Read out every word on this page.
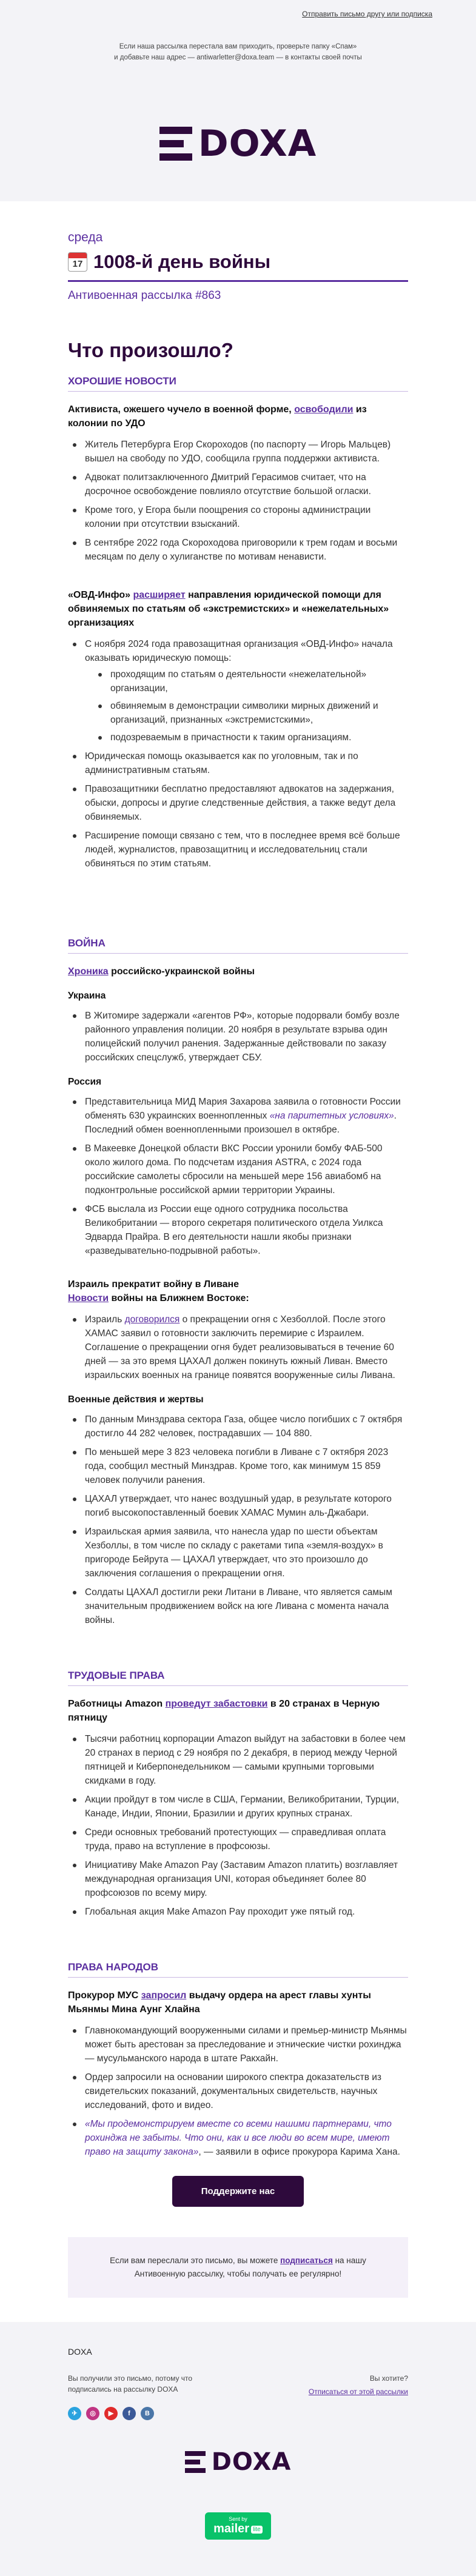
Отправить письмо другу или подписка

Если наша рассылка перестала вам приходить, проверьте папку «Спам»

и добавьте наш адрес — antiwarletter@doxa.team — в контакты своей почты

DOXA
среда
17 1008-й день войны
Антивоенная рассылка #863
Что произошло?
ХОРОШИЕ НОВОСТИ
Активиста, ожешего чучело в военной форме, освободили из колонии по УДО
Житель Петербурга Егор Скороходов (по паспорту — Игорь Мальцев) вышел на свободу по УДО, сообщила группа поддержки активиста.
Адвокат политзаключенного Дмитрий Герасимов считает, что на досрочное освобождение повлияло отсутствие большой огласки.
Кроме того, у Егора были поощрения со стороны администрации колонии при отсутствии взысканий.
В сентябре 2022 года Скороходова приговорили к трем годам и восьми месяцам по делу о хулиганстве по мотивам ненависти.
«ОВД-Инфо» расширяет направления юридической помощи для обвиняемых по статьям об «экстремистских» и «нежелательных» организациях
С ноября 2024 года правозащитная организация «ОВД-Инфо» начала оказывать юридическую помощь:
проходящим по статьям о деятельности «нежелательной» организации,
обвиняемым в демонстрации символики мирных движений и организаций, признанных «экстремистскими»,
подозреваемым в причастности к таким организациям.
Юридическая помощь оказывается как по уголовным, так и по административным статьям.
Правозащитники бесплатно предоставляют адвокатов на задержания, обыски, допросы и другие следственные действия, а также ведут дела обвиняемых.
Расширение помощи связано с тем, что в последнее время всё больше людей, журналистов, правозащитниц и исследовательниц стали обвиняться по этим статьям.
ВОЙНА
Хроника российско-украинской войны
Украина
В Житомире задержали «агентов РФ», которые подорвали бомбу возле районного управления полиции. 20 ноября в результате взрыва один полицейский получил ранения. Задержанные действовали по заказу российских спецслужб, утверждает СБУ.
Россия
Представительница МИД Мария Захарова заявила о готовности России обменять 630 украинских военнопленных «на паритетных условиях». Последний обмен военнопленными произошел в октябре.
В Макеевке Донецкой области ВКС России уронили бомбу ФАБ-500 около жилого дома. По подсчетам издания ASTRA, с 2024 года российские самолеты сбросили на меньшей мере 156 авиабомб на подконтрольные российской армии территории Украины.
ФСБ выслала из России еще одного сотрудника посольства Великобритании — второго секретаря политического отдела Уилкса Эдварда Прайра. В его деятельности нашли якобы признаки «разведывательно-подрывной работы».
Израиль прекратит войну в Ливане
Новости войны на Ближнем Востоке:
Израиль договорился о прекращении огня с Хезболлой. После этого ХАМАС заявил о готовности заключить перемирие с Израилем. Соглашение о прекращении огня будет реализовываться в течение 60 дней — за это время ЦАХАЛ должен покинуть южный Ливан. Вместо израильских военных на границе появятся вооруженные силы Ливана.
Военные действия и жертвы
По данным Минздрава сектора Газа, общее число погибших с 7 октября достигло 44 282 человек, пострадавших — 104 880.
По меньшей мере 3 823 человека погибли в Ливане с 7 октября 2023 года, сообщил местный Минздрав. Кроме того, как минимум 15 859 человек получили ранения.
ЦАХАЛ утверждает, что нанес воздушный удар, в результате которого погиб высокопоставленный боевик ХАМАС Мумин аль-Джабари.
Израильская армия заявила, что нанесла удар по шести объектам Хезболлы, в том числе по складу с ракетами типа «земля-воздух» в пригороде Бейрута — ЦАХАЛ утверждает, что это произошло до заключения соглашения о прекращении огня.
Солдаты ЦАХАЛ достигли реки Литани в Ливане, что является самым значительным продвижением войск на юге Ливана с момента начала войны.
ТРУДОВЫЕ ПРАВА
Работницы Amazon проведут забастовки в 20 странах в Черную пятницу
Тысячи работниц корпорации Amazon выйдут на забастовки в более чем 20 странах в период с 29 ноября по 2 декабря, в период между Черной пятницей и Киберпонедельником — самыми крупными торговыми скидками в году.
Акции пройдут в том числе в США, Германии, Великобритании, Турции, Канаде, Индии, Японии, Бразилии и других крупных странах.
Среди основных требований протестующих — справедливая оплата труда, право на вступление в профсоюзы.
Инициативу Make Amazon Pay (Заставим Amazon платить) возглавляет международная организация UNI, которая объединяет более 80 профсоюзов по всему миру.
Глобальная акция Make Amazon Pay проходит уже пятый год.
ПРАВА НАРОДОВ
Прокурор МУС запросил выдачу ордера на арест главы хунты Мьянмы Мина Аунг Хлайна
Главнокомандующий вооруженными силами и премьер-министр Мьянмы может быть арестован за преследование и этнические чистки рохинджа — мусульманского народа в штате Ракхайн.
Ордер запросили на основании широкого спектра доказательств из свидетельских показаний, документальных свидетельств, научных исследований, фото и видео.
«Мы продемонстрируем вместе со всеми нашими партнерами, что рохинджа не забыты. Что они, как и все люди во всем мире, имеют право на защиту закона», — заявили в офисе прокурора Карима Хана.
Поддержите нас
Если вам переслали это письмо, вы можете подписаться на нашу Антивоенную рассылку, чтобы получать ее регулярно!
DOXA
Вы получили это письмо, потому что
подписались на рассылку DOXA
✈	◎	▶	f	В
Вы хотите?
Отписаться от этой рассылки
DOXA
Sent by
mailer lite
